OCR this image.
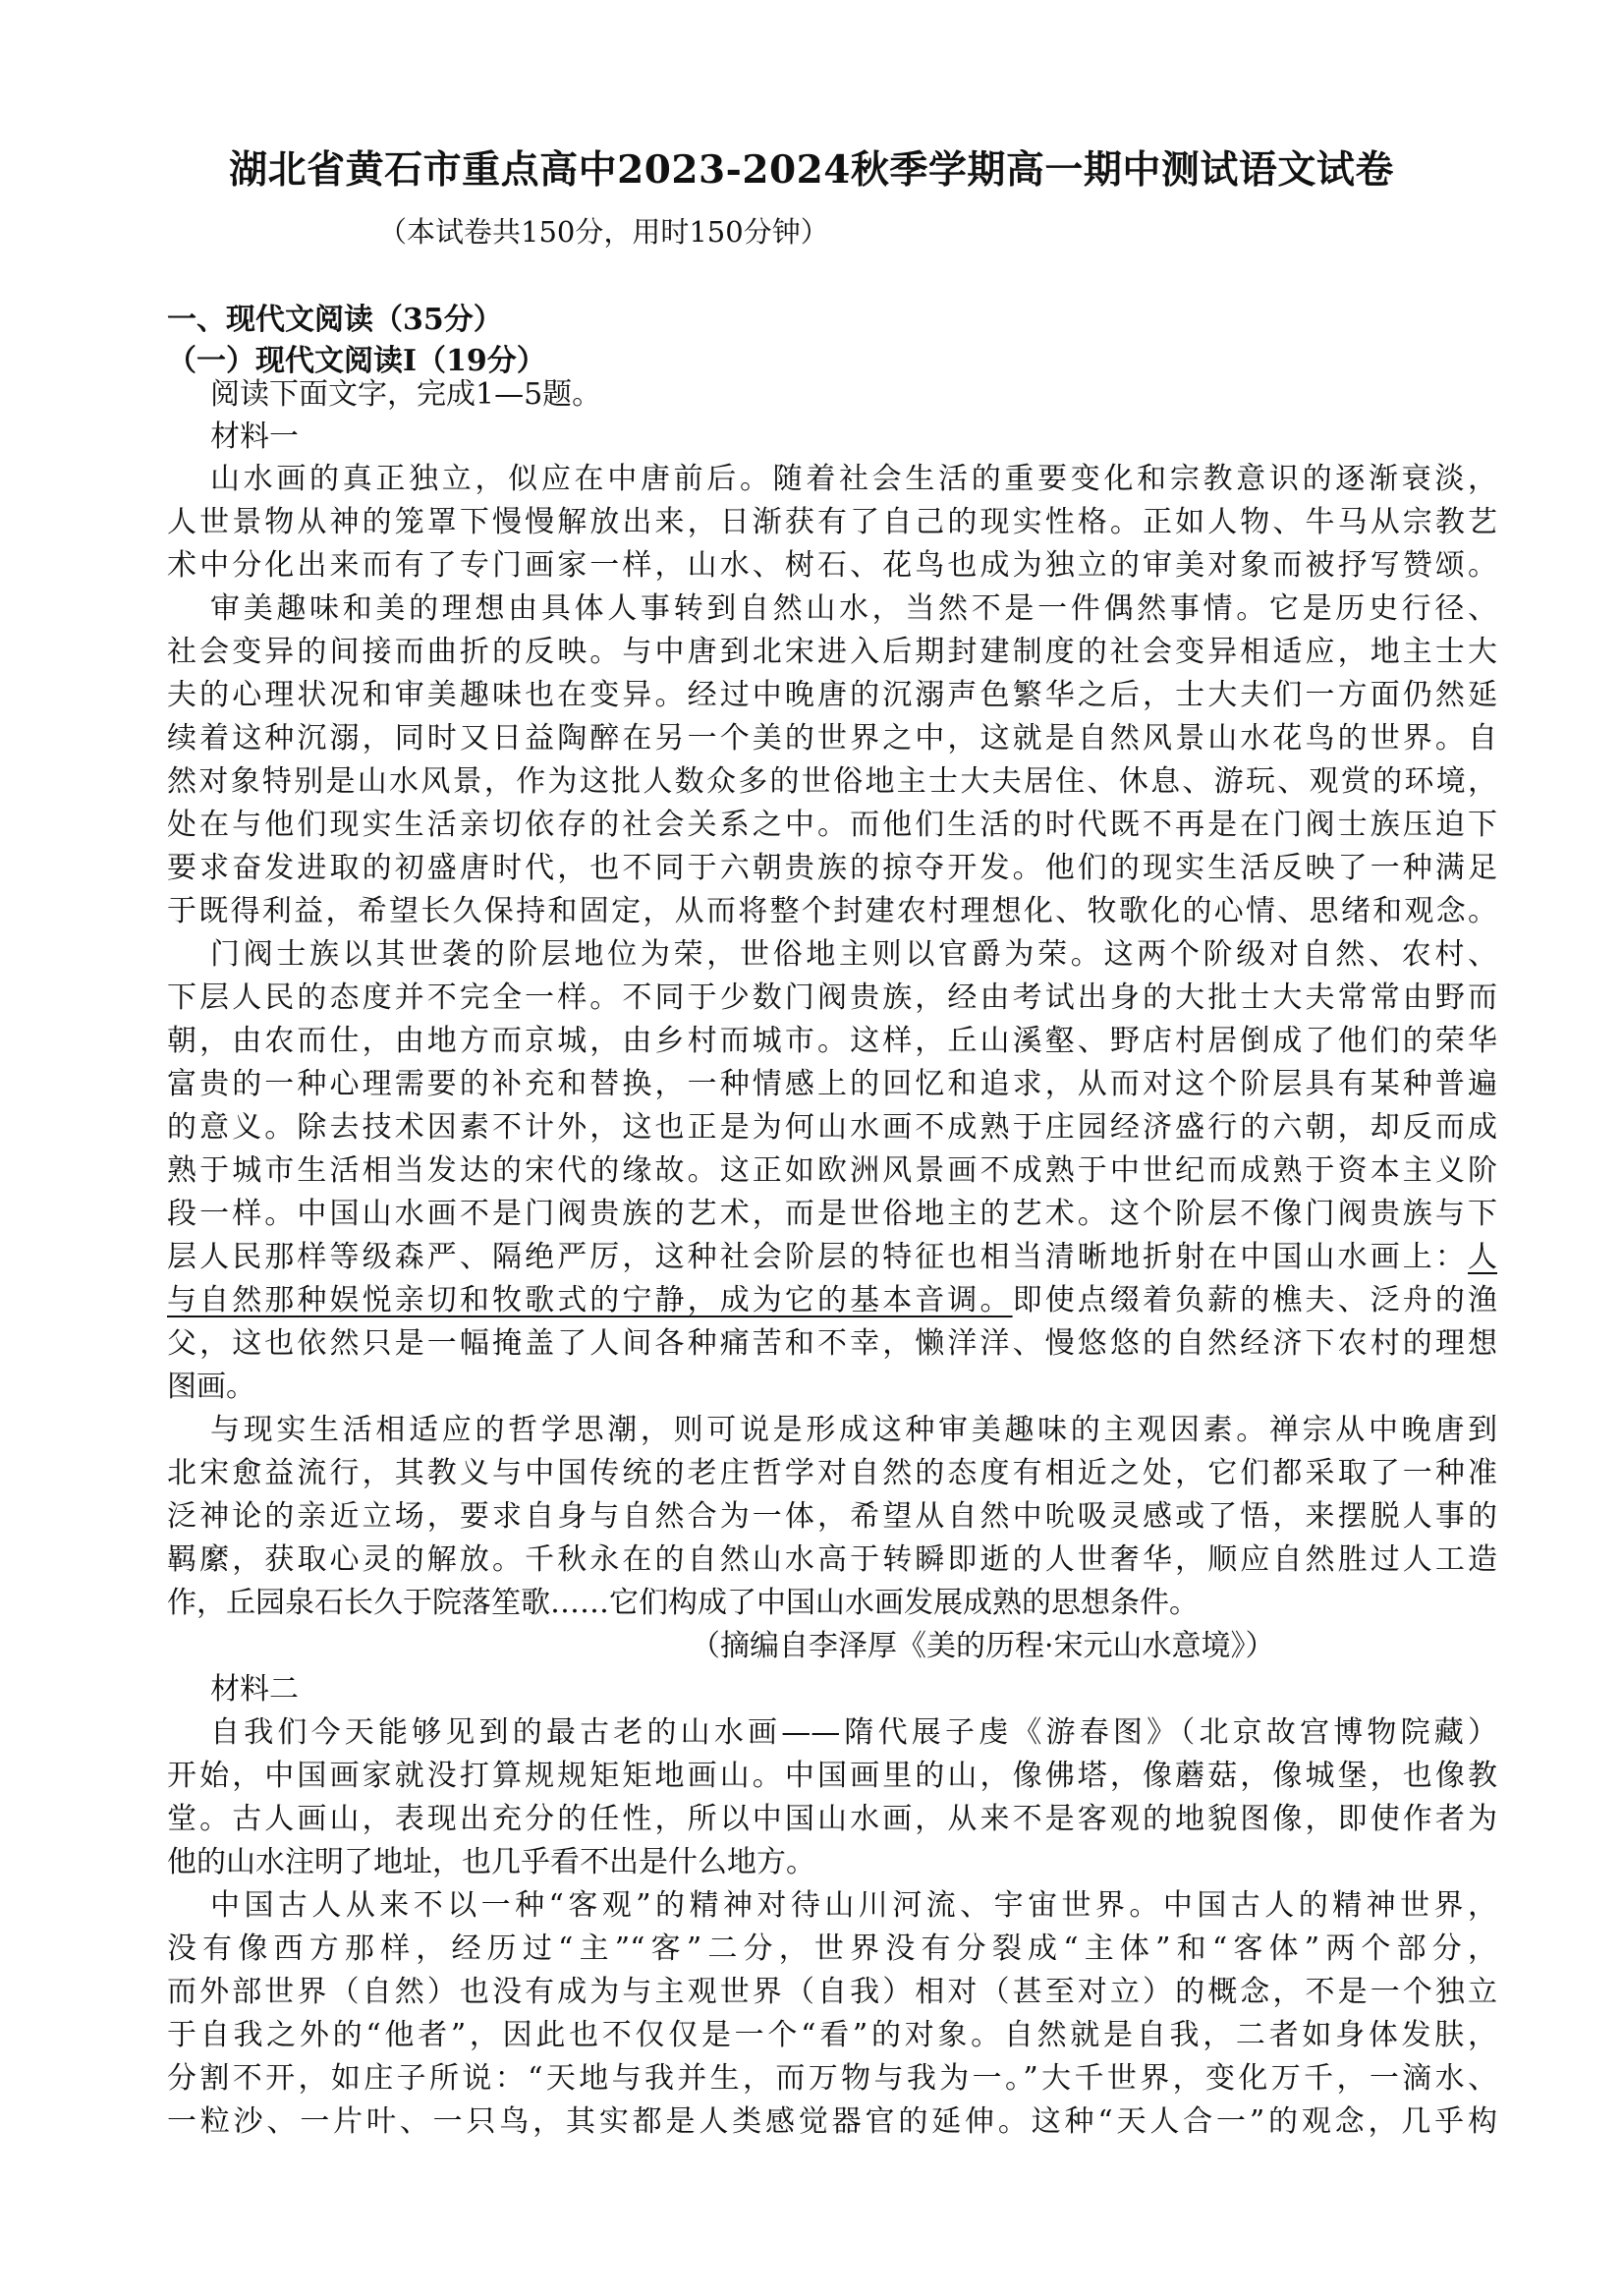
湖北省黄石市重点高中2023-2024秋季学期高一期中测试语文试卷
（本试卷共150分，用时150分钟）
一、现代文阅读（35分）
（一）现代文阅读Ⅰ（19分）
阅读下面文字，完成1—5题。
材料一
山水画的真正独立，似应在中唐前后。随着社会生活的重要变化和宗教意识的逐渐衰淡，
人世景物从神的笼罩下慢慢解放出来，日渐获有了自己的现实性格。正如人物、牛马从宗教艺
术中分化出来而有了专门画家一样，山水、树石、花鸟也成为独立的审美对象而被抒写赞颂。
审美趣味和美的理想由具体人事转到自然山水，当然不是一件偶然事情。它是历史行径、
社会变异的间接而曲折的反映。与中唐到北宋进入后期封建制度的社会变异相适应，地主士大
夫的心理状况和审美趣味也在变异。经过中晚唐的沉溺声色繁华之后，士大夫们一方面仍然延
续着这种沉溺，同时又日益陶醉在另一个美的世界之中，这就是自然风景山水花鸟的世界。自
然对象特别是山水风景，作为这批人数众多的世俗地主士大夫居住、休息、游玩、观赏的环境，
处在与他们现实生活亲切依存的社会关系之中。而他们生活的时代既不再是在门阀士族压迫下
要求奋发进取的初盛唐时代，也不同于六朝贵族的掠夺开发。他们的现实生活反映了一种满足
于既得利益，希望长久保持和固定，从而将整个封建农村理想化、牧歌化的心情、思绪和观念。
门阀士族以其世袭的阶层地位为荣，世俗地主则以官爵为荣。这两个阶级对自然、农村、
下层人民的态度并不完全一样。不同于少数门阀贵族，经由考试出身的大批士大夫常常由野而
朝，由农而仕，由地方而京城，由乡村而城市。这样，丘山溪壑、野店村居倒成了他们的荣华
富贵的一种心理需要的补充和替换，一种情感上的回忆和追求，从而对这个阶层具有某种普遍
的意义。除去技术因素不计外，这也正是为何山水画不成熟于庄园经济盛行的六朝，却反而成
熟于城市生活相当发达的宋代的缘故。这正如欧洲风景画不成熟于中世纪而成熟于资本主义阶
段一样。中国山水画不是门阀贵族的艺术，而是世俗地主的艺术。这个阶层不像门阀贵族与下
层人民那样等级森严、隔绝严厉，这种社会阶层的特征也相当清晰地折射在中国山水画上：人
与自然那种娱悦亲切和牧歌式的宁静，成为它的基本音调。即使点缀着负薪的樵夫、泛舟的渔
父，这也依然只是一幅掩盖了人间各种痛苦和不幸，懒洋洋、慢悠悠的自然经济下农村的理想
图画。
与现实生活相适应的哲学思潮，则可说是形成这种审美趣味的主观因素。禅宗从中晚唐到
北宋愈益流行，其教义与中国传统的老庄哲学对自然的态度有相近之处，它们都采取了一种准
泛神论的亲近立场，要求自身与自然合为一体，希望从自然中吮吸灵感或了悟，来摆脱人事的
羁縻，获取心灵的解放。千秋永在的自然山水高于转瞬即逝的人世奢华，顺应自然胜过人工造
作，丘园泉石长久于院落笙歌……它们构成了中国山水画发展成熟的思想条件。
（摘编自李泽厚《美的历程·宋元山水意境》）
材料二
自我们今天能够见到的最古老的山水画——隋代展子虔《游春图》（北京故宫博物院藏）
开始，中国画家就没打算规规矩矩地画山。中国画里的山，像佛塔，像蘑菇，像城堡，也像教
堂。古人画山，表现出充分的任性，所以中国山水画，从来不是客观的地貌图像，即使作者为
他的山水注明了地址，也几乎看不出是什么地方。
中国古人从来不以一种“客观”的精神对待山川河流、宇宙世界。中国古人的精神世界，
没有像西方那样，经历过“主”“客”二分，世界没有分裂成“主体”和“客体”两个部分，
而外部世界（自然）也没有成为与主观世界（自我）相对（甚至对立）的概念，不是一个独立
于自我之外的“他者”，因此也不仅仅是一个“看”的对象。自然就是自我，二者如身体发肤，
分割不开，如庄子所说：“天地与我并生，而万物与我为一。”大千世界，变化万千，一滴水、
一粒沙、一片叶、一只鸟，其实都是人类感觉器官的延伸。这种“天人合一”的观念，几乎构
